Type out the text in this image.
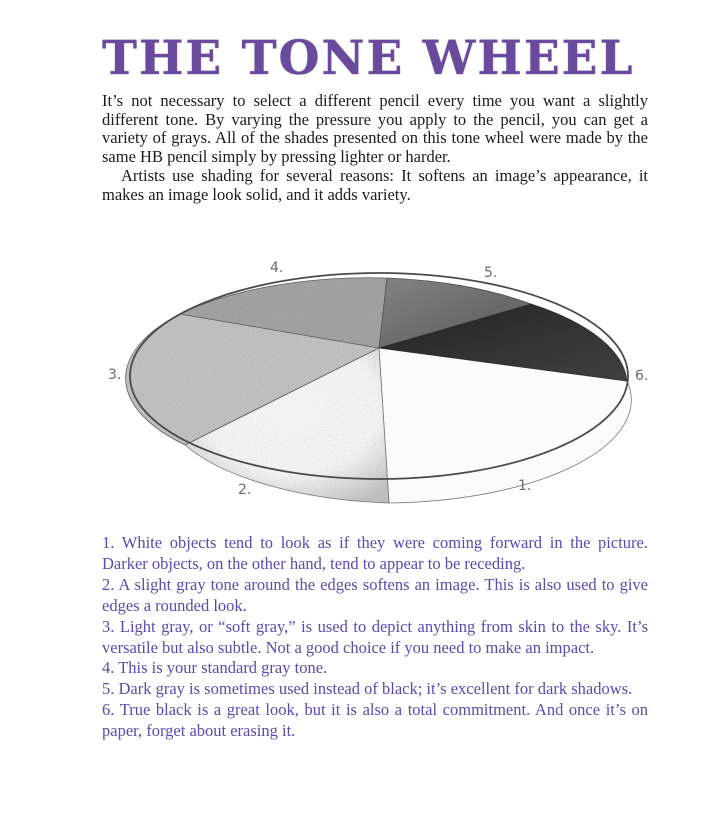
THE TONE WHEEL

It’s not necessary to select a different pencil every time you want a slightly different tone. By varying the pressure you apply to the pencil, you can get a variety of grays. All of the shades presented on this tone wheel were made by the same HB pencil simply by pressing lighter or harder.

Artists use shading for several reasons: It softens an image’s appearance, it makes an image look solid, and it adds variety.

1.
2.
3.
4.	5.
6.

1. White objects tend to look as if they were coming forward in the picture. Darker objects, on the other hand, tend to appear to be receding.

2. A slight gray tone around the edges softens an image. This is also used to give edges a rounded look.

3. Light gray, or “soft gray,” is used to depict anything from skin to the sky. It’s versatile but also subtle. Not a good choice if you need to make an impact.

4. This is your standard gray tone.

5. Dark gray is sometimes used instead of black; it’s excellent for dark shadows.

6. True black is a great look, but it is also a total commitment. And once it’s on paper, forget about erasing it.
